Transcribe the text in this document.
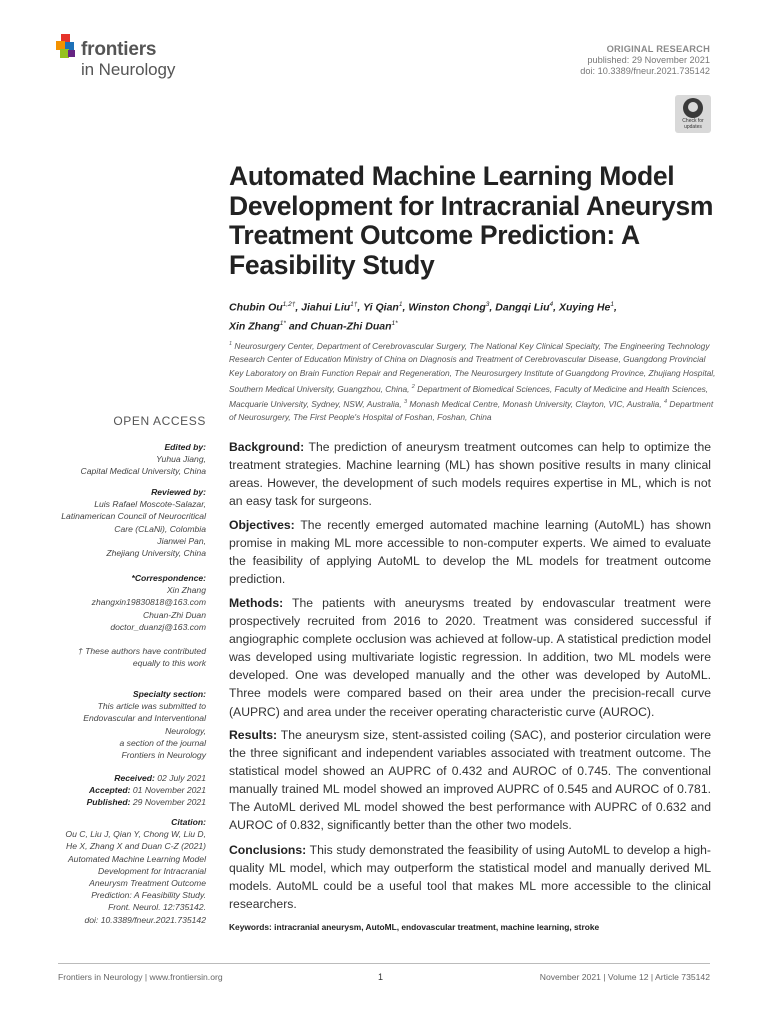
frontiers
in Neurology
ORIGINAL RESEARCH
published: 29 November 2021
doi: 10.3389/fneur.2021.735142
Check for updates
Automated Machine Learning Model Development for Intracranial Aneurysm Treatment Outcome Prediction: A Feasibility Study
Chubin $Ou^{1,2\dagger}$, Jiahui Liu$^{1\dagger}$, Yi Qian$^1$, Winston Chong$^3$, Dangqi Liu$^4$, Xuying He$^1$,
Xin Zhang$^{1*}$ and Chuan-Zhi Duan$^{1*}$
$^1$ Neurosurgery Center, Department of Cerebrovascular Surgery, The National Key Clinical Specialty, The Engineering Technology Research Center of Education Ministry of China on Diagnosis and Treatment of Cerebrovascular Disease, Guangdong Provincial Key Laboratory on Brain Function Repair and Regeneration, The Neurosurgery Institute of Guangdong Province, Zhujiang Hospital, Southern Medical University, Guangzhou, China, $^2$ Department of Biomedical Sciences, Faculty of Medicine and Health Sciences, Macquarie University, Sydney, NSW, Australia, $^3$ Monash Medical Centre, Monash University, Clayton, VIC, Australia, $^4$ Department of Neurosurgery, The First People's Hospital of Foshan, Foshan, China
OPEN ACCESS

Edited by:

Yuhua Jiang,

Capital Medical University, China

Reviewed by:

Luis Rafael Moscote-Salazar,

Latinamerican Council of Neurocritical

Care (CLaNi), Colombia

Jianwei Pan,

Zhejiang University, China

*Correspondence:

Xin Zhang

zhangxin19830818@163.com

Chuan-Zhi Duan

doctor_duanzj@163.com

† These authors have contributed

equally to this work

Specialty section:

This article was submitted to

Endovascular and Interventional

Neurology,

a section of the journal

Frontiers in Neurology

Received: 02 July 2021

Accepted: 01 November 2021

Published: 29 November 2021

Citation:

Ou C, Liu J, Qian Y, Chong W, Liu D,

He X, Zhang X and Duan C-Z (2021)

Automated Machine Learning Model

Development for Intracranial

Aneurysm Treatment Outcome

Prediction: A Feasibility Study.

Front. Neurol. 12:735142.

doi: 10.3389/fneur.2021.735142

Background: The prediction of aneurysm treatment outcomes can help to optimize the treatment strategies. Machine learning (ML) has shown positive results in many clinical areas. However, the development of such models requires expertise in ML, which is not an easy task for surgeons.

Objectives: The recently emerged automated machine learning (AutoML) has shown promise in making ML more accessible to non-computer experts. We aimed to evaluate the feasibility of applying AutoML to develop the ML models for treatment outcome prediction.

Methods: The patients with aneurysms treated by endovascular treatment were prospectively recruited from 2016 to 2020. Treatment was considered successful if angiographic complete occlusion was achieved at follow-up. A statistical prediction model was developed using multivariate logistic regression. In addition, two ML models were developed. One was developed manually and the other was developed by AutoML. Three models were compared based on their area under the precision-recall curve (AUPRC) and area under the receiver operating characteristic curve (AUROC).

Results: The aneurysm size, stent-assisted coiling (SAC), and posterior circulation were the three significant and independent variables associated with treatment outcome. The statistical model showed an AUPRC of 0.432 and AUROC of 0.745. The conventional manually trained ML model showed an improved AUPRC of 0.545 and AUROC of 0.781. The AutoML derived ML model showed the best performance with AUPRC of 0.632 and AUROC of 0.832, significantly better than the other two models.

Conclusions: This study demonstrated the feasibility of using AutoML to develop a high-quality ML model, which may outperform the statistical model and manually derived ML models. AutoML could be a useful tool that makes ML more accessible to the clinical researchers.

Keywords: intracranial aneurysm, AutoML, endovascular treatment, machine learning, stroke
Frontiers in Neurology | www.frontiersin.org	1	November 2021 | Volume 12 | Article 735142
